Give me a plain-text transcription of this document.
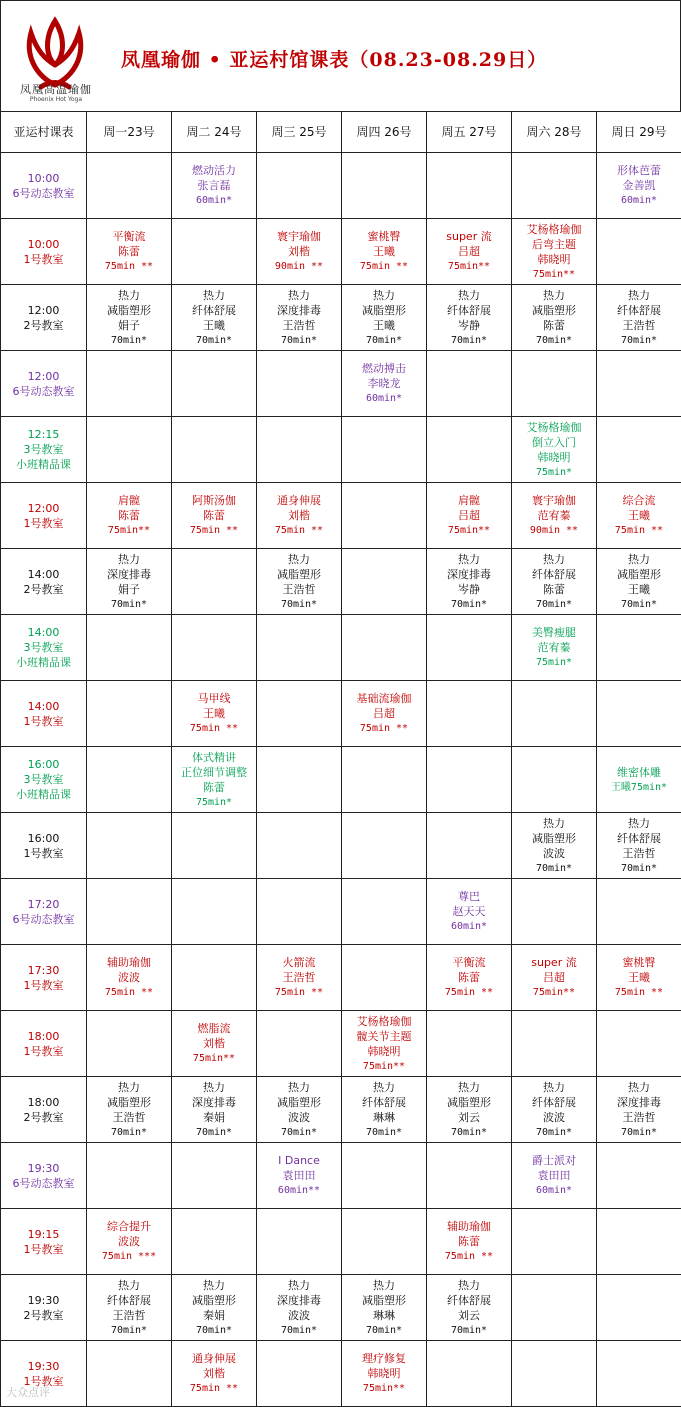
凤凰高温瑜伽
Phoenix Hot Yoga
凤凰瑜伽 • 亚运村馆课表（08.23-08.29日）
亚运村课表	周一23号	周二 24号	周三 25号	周四 26号	周五 27号	周六 28号	周日 29号

10:00
6号动态教室		燃动活力
张言磊
60min*					形体芭蕾
金善凯
60min*

10:00
1号教室	平衡流
陈蕾
75min **		寰宇瑜伽
刘楷
90min **	蜜桃臀
王曦
75min **	super 流
吕超
75min**	艾杨格瑜伽
后弯主题
韩晓明
75min**	

12:00
2号教室	热力
减脂塑形
娟子
70min*	热力
纤体舒展
王曦
70min*	热力
深度排毒
王浩哲
70min*	热力
减脂塑形
王曦
70min*	热力
纤体舒展
岑静
70min*	热力
减脂塑形
陈蕾
70min*	热力
纤体舒展
王浩哲
70min*

12:00
6号动态教室				燃动搏击
李晓龙
60min*			

12:15
3号教室
小班精品课						艾杨格瑜伽
倒立入门
韩晓明
75min*	

12:00
1号教室	肩髋
陈蕾
75min**	阿斯汤伽
陈蕾
75min **	通身伸展
刘楷
75min **		肩髋
吕超
75min**	寰宇瑜伽
范宥蓁
90min **	综合流
王曦
75min **

14:00
2号教室	热力
深度排毒
娟子
70min*		热力
减脂塑形
王浩哲
70min*		热力
深度排毒
岑静
70min*	热力
纤体舒展
陈蕾
70min*	热力
减脂塑形
王曦
70min*

14:00
3号教室
小班精品课						美臀瘦腿
范宥蓁
75min*	

14:00
1号教室		马甲线
王曦
75min **		基础流瑜伽
吕超
75min **			

16:00
3号教室
小班精品课		体式精讲
正位细节调整
陈蕾
75min*					维密体雕
王曦75min*

16:00
1号教室						热力
减脂塑形
波波
70min*	热力
纤体舒展
王浩哲
70min*

17:20
6号动态教室					尊巴
赵天天
60min*		

17:30
1号教室	辅助瑜伽
波波
75min **		火箭流
王浩哲
75min **		平衡流
陈蕾
75min **	super 流
吕超
75min**	蜜桃臀
王曦
75min **

18:00
1号教室		燃脂流
刘楷
75min**		艾杨格瑜伽
髋关节主题
韩晓明
75min**			

18:00
2号教室	热力
减脂塑形
王浩哲
70min*	热力
深度排毒
秦娟
70min*	热力
减脂塑形
波波
70min*	热力
纤体舒展
琳琳
70min*	热力
减脂塑形
刘云
70min*	热力
纤体舒展
波波
70min*	热力
深度排毒
王浩哲
70min*

19:30
6号动态教室			I Dance
袁田田
60min**			爵士派对
袁田田
60min*	

19:15
1号教室	综合提升
波波
75min ***				辅助瑜伽
陈蕾
75min **		

19:30
2号教室	热力
纤体舒展
王浩哲
70min*	热力
减脂塑形
秦娟
70min*	热力
深度排毒
波波
70min*	热力
减脂塑形
琳琳
70min*	热力
纤体舒展
刘云
70min*		

19:30
1号教室		通身伸展
刘楷
75min **		理疗修复
韩晓明
75min**			

大众点评
